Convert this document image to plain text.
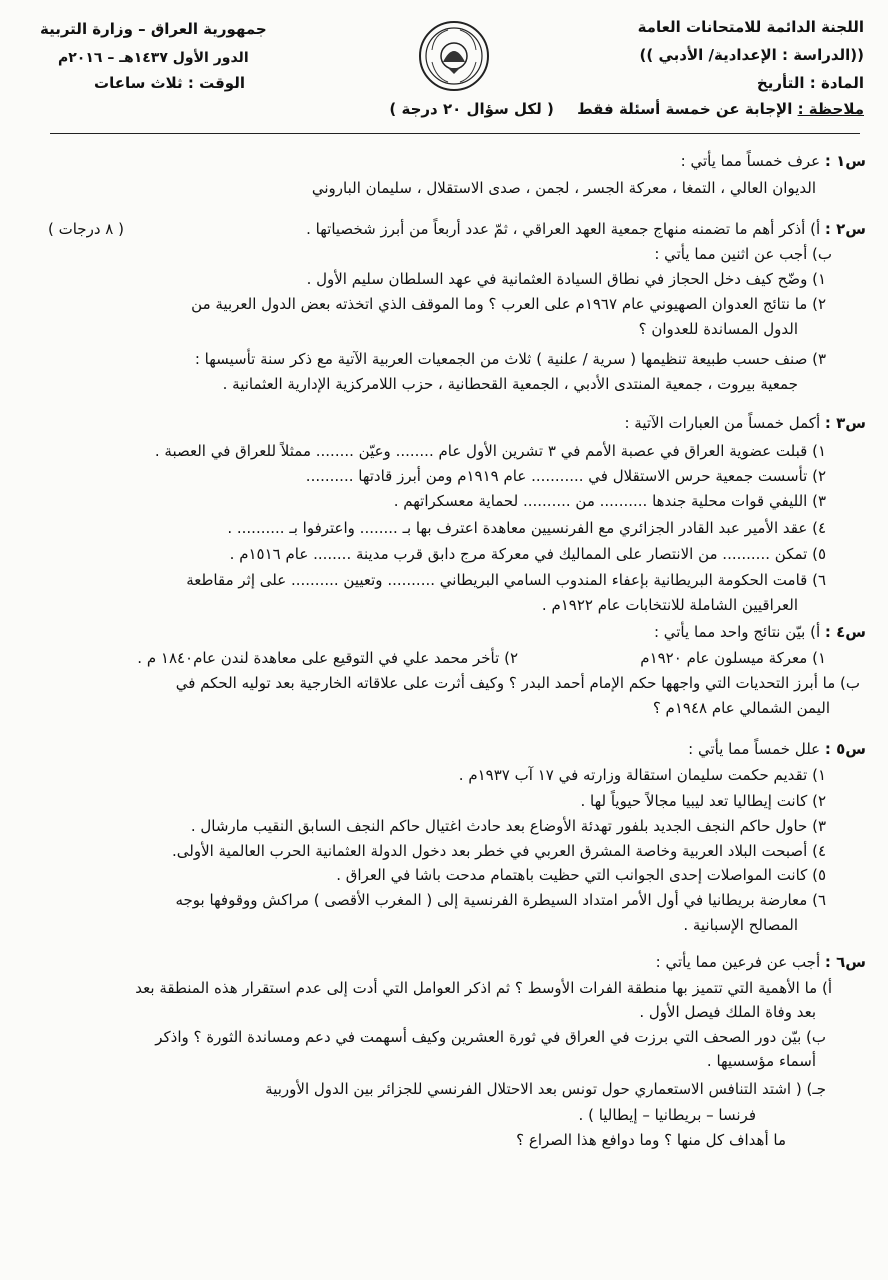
اللجنة الدائمة للامتحانات العامة
((الدراسة : الإعدادية/ الأدبي ))
المادة : التأريخ
ملاحظة : الإجابة عن خمسة أسئلة فقط ( لكل سؤال ٢٠ درجة )
جمهورية العراق – وزارة التربية
الدور الأول ١٤٣٧هـ – ٢٠١٦م
الوقت : ثلاث ساعات
س١ : عرف خمساً مما يأتي :
الديوان العالي ، التمغا ، معركة الجسر ، لجمن ، صدى الاستقلال ، سليمان الباروني
س٢ : أ) أذكر أهم ما تضمنه منهاج جمعية العهد العراقي ، ثمّ عدد أربعاً من أبرز شخصياتها .
( ٨ درجات )
ب) أجب عن اثنين مما يأتي :
١) وضّح كيف دخل الحجاز في نطاق السيادة العثمانية في عهد السلطان سليم الأول .
٢) ما نتائج العدوان الصهيوني عام ١٩٦٧م على العرب ؟ وما الموقف الذي اتخذته بعض الدول العربية من
الدول المساندة للعدوان ؟
٣) صنف حسب طبيعة تنظيمها ( سرية / علنية ) ثلاث من الجمعيات العربية الآتية مع ذكر سنة تأسيسها :
جمعية بيروت ، جمعية المنتدى الأدبي ، الجمعية القحطانية ، حزب اللامركزية الإدارية العثمانية .
س٣ : أكمل خمساً من العبارات الآتية :
١) قبلت عضوية العراق في عصبة الأمم في ٣ تشرين الأول عام ........ وعيّن ........ ممثلاً للعراق في العصبة .
٢) تأسست جمعية حرس الاستقلال في ........... عام ١٩١٩م ومن أبرز قادتها ..........
٣) الليفي قوات محلية جندها .......... من .......... لحماية معسكراتهم .
٤) عقد الأمير عبد القادر الجزائري مع الفرنسيين معاهدة اعترف بها بـ ........ واعترفوا بـ .......... .
٥) تمكن .......... من الانتصار على المماليك في معركة مرج دابق قرب مدينة ........ عام ١٥١٦م .
٦) قامت الحكومة البريطانية بإعفاء المندوب السامي البريطاني .......... وتعيين .......... على إثر مقاطعة
العراقيين الشاملة للانتخابات عام ١٩٢٢م .
س٤ : أ) بيّن نتائج واحد مما يأتي :
١) معركة ميسلون عام ١٩٢٠م
٢) تأخر محمد علي في التوقيع على معاهدة لندن عام١٨٤٠ م .
ب) ما أبرز التحديات التي واجهها حكم الإمام أحمد البدر ؟ وكيف أثرت على علاقاته الخارجية بعد توليه الحكم في
اليمن الشمالي عام ١٩٤٨م ؟
س٥ : علل خمساً مما يأتي :
١) تقديم حكمت سليمان استقالة وزارته في ١٧ آب ١٩٣٧م .
٢) كانت إيطاليا تعد ليبيا مجالاً حيوياً لها .
٣) حاول حاكم النجف الجديد بلفور تهدئة الأوضاع بعد حادث اغتيال حاكم النجف السابق النقيب مارشال .
٤) أصبحت البلاد العربية وخاصة المشرق العربي في خطر بعد دخول الدولة العثمانية الحرب العالمية الأولى.
٥) كانت المواصلات إحدى الجوانب التي حظيت باهتمام مدحت باشا في العراق .
٦) معارضة بريطانيا في أول الأمر امتداد السيطرة الفرنسية إلى ( المغرب الأقصى ) مراكش ووقوفها بوجه
المصالح الإسبانية .
س٦ : أجب عن فرعين مما يأتي :
أ) ما الأهمية التي تتميز بها منطقة الفرات الأوسط ؟ ثم اذكر العوامل التي أدت إلى عدم استقرار هذه المنطقة بعد
بعد وفاة الملك فيصل الأول .
ب) بيّن دور الصحف التي برزت في العراق في ثورة العشرين وكيف أسهمت في دعم ومساندة الثورة ؟ واذكر
أسماء مؤسسيها .
جـ) ( اشتد التنافس الاستعماري حول تونس بعد الاحتلال الفرنسي للجزائر بين الدول الأوربية
فرنسا – بريطانيا – إيطاليا ) .
ما أهداف كل منها ؟ وما دوافع هذا الصراع ؟
